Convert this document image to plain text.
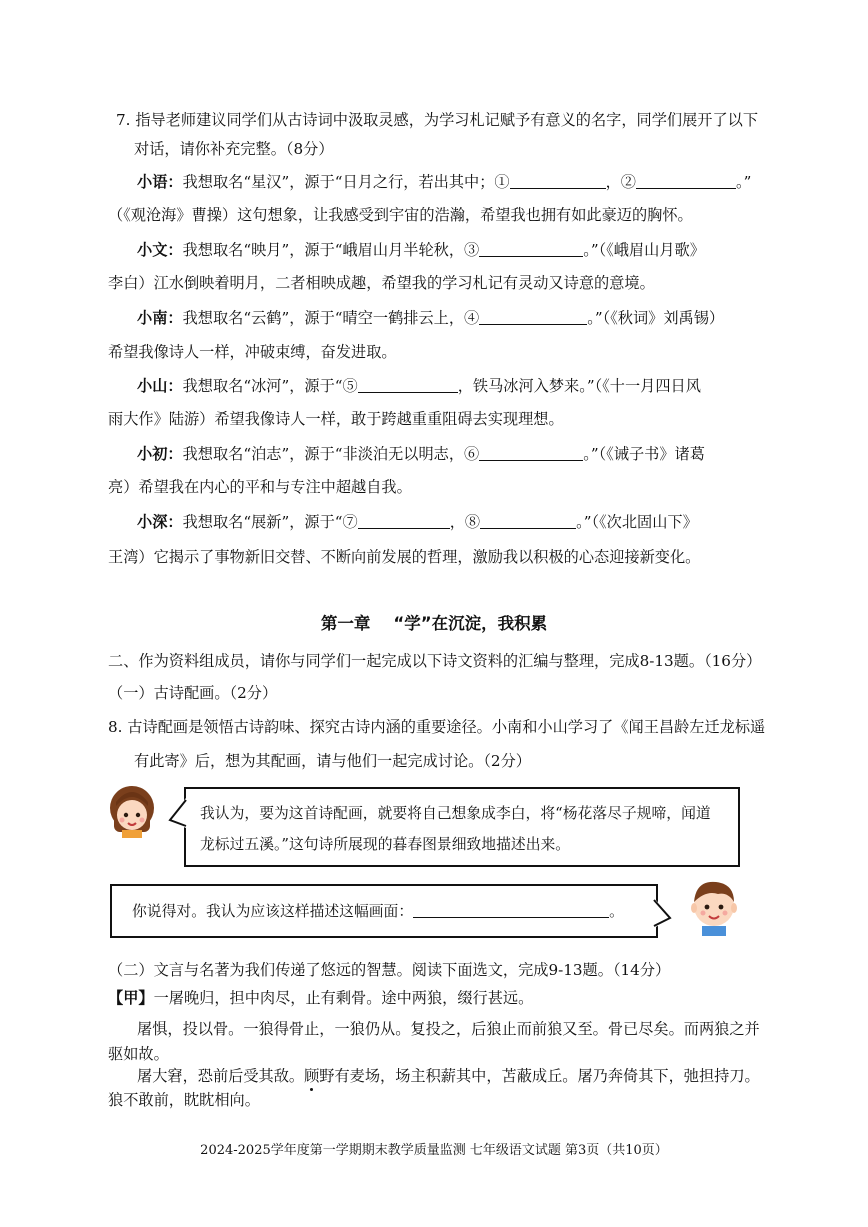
7. 指导老师建议同学们从古诗词中汲取灵感，为学习札记赋予有意义的名字，同学们展开了以下
对话，请你补充完整。（8分）
小语：我想取名“星汉”，源于“日月之行，若出其中；①	，②	。”
（《观沧海》曹操）这句想象，让我感受到宇宙的浩瀚，希望我也拥有如此豪迈的胸怀。
小文：我想取名“映月”，源于“峨眉山月半轮秋，③	。”（《峨眉山月歌》
李白）江水倒映着明月，二者相映成趣，希望我的学习札记有灵动又诗意的意境。
小南：我想取名“云鹤”，源于“晴空一鹤排云上，④	。”（《秋词》刘禹锡）
希望我像诗人一样，冲破束缚，奋发进取。
小山：我想取名“冰河”，源于“⑤	，铁马冰河入梦来。”（《十一月四日风
雨大作》陆游）希望我像诗人一样，敢于跨越重重阻碍去实现理想。
小初：我想取名“泊志”，源于“非淡泊无以明志，⑥	。”（《诫子书》诸葛
亮）希望我在内心的平和与专注中超越自我。
小深：我想取名“展新”，源于“⑦	，⑧	。”（《次北固山下》
王湾）它揭示了事物新旧交替、不断向前发展的哲理，激励我以积极的心态迎接新变化。
第一章    “学”在沉淀，我积累
二、作为资料组成员，请你与同学们一起完成以下诗文资料的汇编与整理，完成8-13题。（16分）
（一）古诗配画。（2分）
8. 古诗配画是领悟古诗韵味、探究古诗内涵的重要途径。小南和小山学习了《闻王昌龄左迁龙标遥
有此寄》后，想为其配画，请与他们一起完成讨论。（2分）
我认为，要为这首诗配画，就要将自己想象成李白，将“杨花落尽子规啼，闻道
龙标过五溪。”这句诗所展现的暮春图景细致地描述出来。
你说得对。我认为应该这样描述这幅画面：	。
（二）文言与名著为我们传递了悠远的智慧。阅读下面选文，完成9-13题。（14分）
【甲】一屠晚归，担中肉尽，止有剩骨。途中两狼，缀行甚远。
屠惧，投以骨。一狼得骨止，一狼仍从。复投之，后狼止而前狼又至。骨已尽矣。而两狼之并
驱如故。
屠大窘，恐前后受其敌。顾野有麦场，场主积薪其中，苫蔽成丘。屠乃奔倚其下，弛担持刀。
狼不敢前，眈眈相向。
2024-2025学年度第一学期期末教学质量监测 七年级语文试题 第3页（共10页）
